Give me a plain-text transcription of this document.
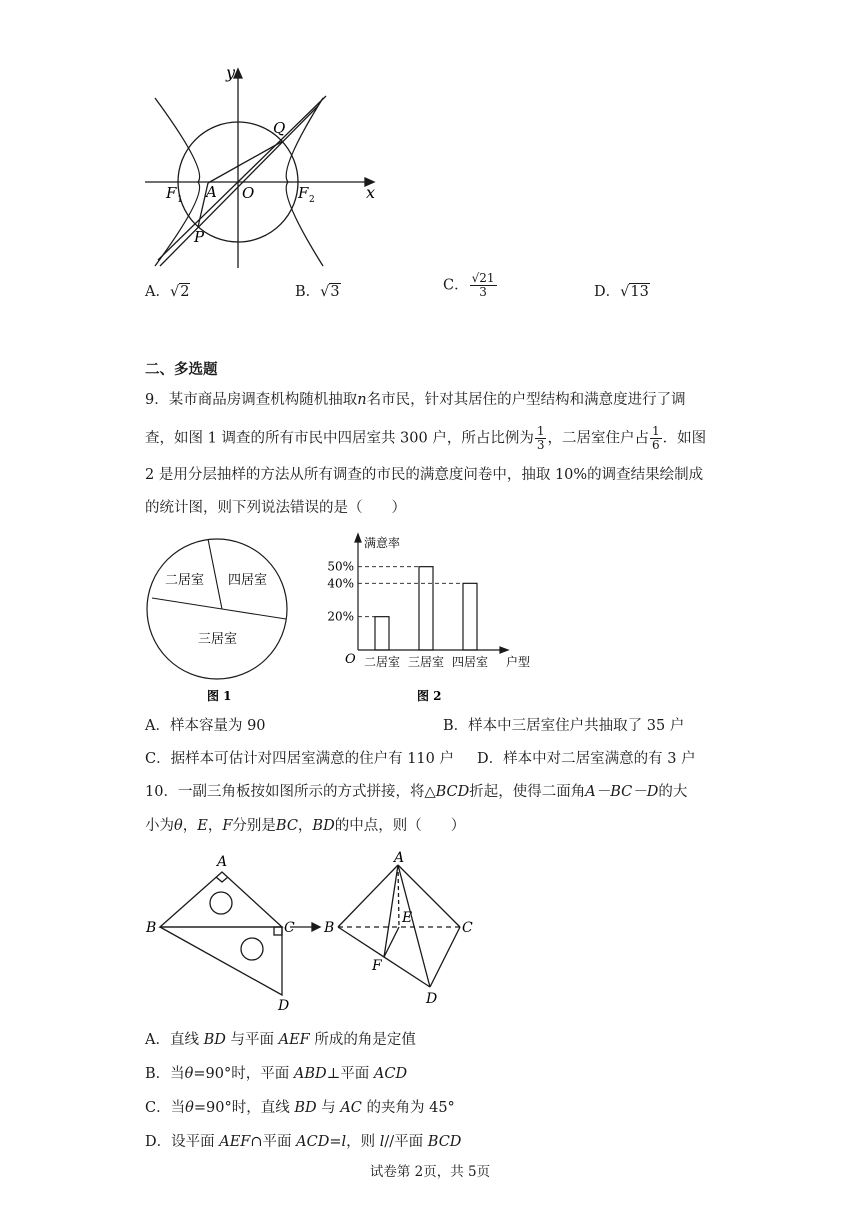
y
x
Q
F 1 A O	F 2
P
A．√2	B．√3	C． $\frac{√21}{3}$	D．√13
二、多选题
9．某市商品房调查机构随机抽取n名市民，针对其居住的户型结构和满意度进行了调
查，如图 1 调查的所有市民中四居室共 300 户，所占比例为 $\frac{1}{3}$ ，二居室住户占 $\frac{1}{6}$ ．如图
2 是用分层抽样的方法从所有调查的市民的满意度问卷中，抽取 10%的调查结果绘制成
的统计图，则下列说法错误的是（　　）
二居室 四居室
三居室
图 1
20%
40%
50%
二居室 三居室 四居室
满意率
户型
O
图 2
A．样本容量为 90	B．样本中三居室住户共抽取了 35 户
C．据样本可估计对四居室满意的住户有 110 户 D．样本中对二居室满意的有 3 户
10．一副三角板按如图所示的方式拼接，将△BCD折起，使得二面角A－BC－D的大
小为θ，E，F分别是BC，BD的中点，则（　　）
A
B	C
D
A
B	C
D
E
F
A．直线 BD 与平面 AEF 所成的角是定值
B．当θ=90°时，平面 ABD⊥平面 ACD
C．当θ=90°时，直线 BD 与 AC 的夹角为 45°
D．设平面 AEF∩平面 ACD=l，则 l//平面 BCD
试卷第 2页，共 5页
